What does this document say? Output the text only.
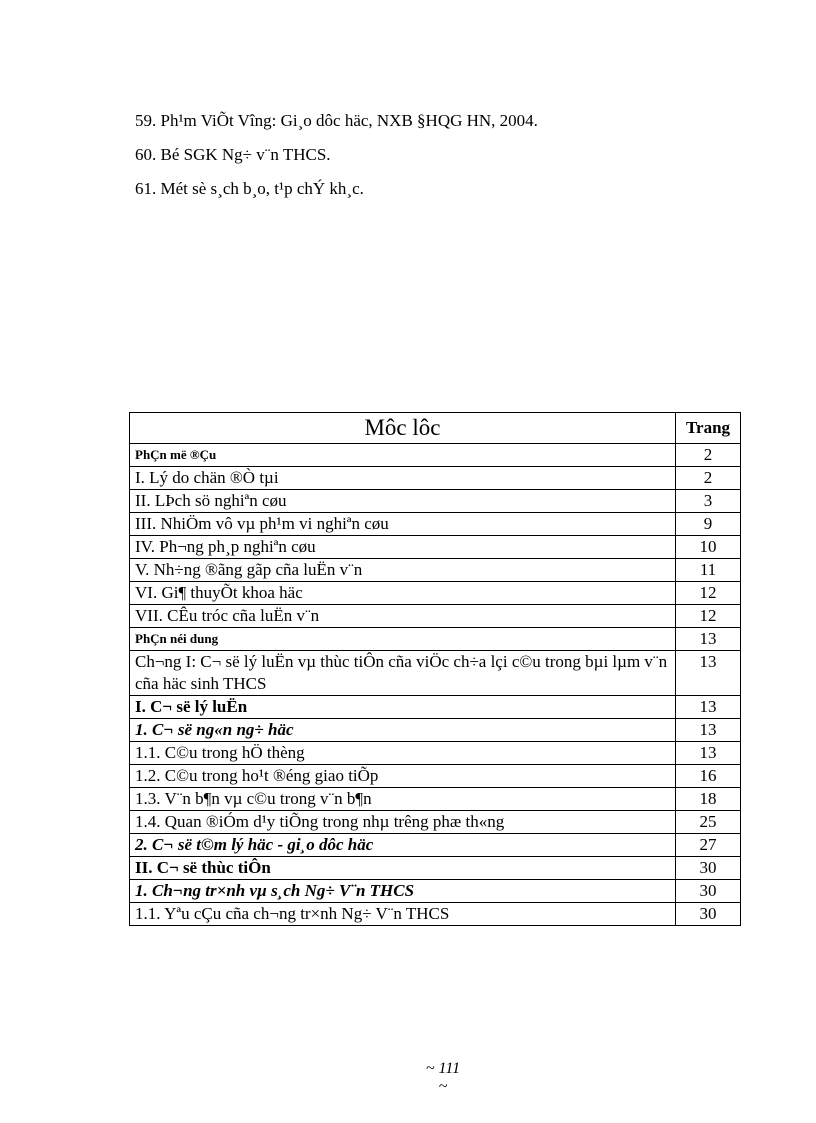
59. Ph¹m ViÕt Vîng: Gi¸o dôc häc, NXB §HQG HN, 2004.
60. Bé SGK Ng÷ v¨n THCS.
61. Mét sè s¸ch b¸o, t¹p chÝ kh¸c.
Môc lôc	Trang
PhÇn më ®Çu	2
I. Lý do chän ®Ò tµi	2
II. LÞch sö nghiªn cøu	3
III. NhiÖm vô vµ ph¹m vi nghiªn cøu	9
IV. Ph¬ng ph¸p nghiªn cøu	10
V. Nh÷ng ®ãng gãp cña luËn v¨n	11
VI. Gi¶ thuyÕt khoa häc	12
VII. CÊu tróc cña luËn v¨n	12
PhÇn néi dung	13
Ch¬ng I: C¬ së lý luËn vµ thùc tiÔn cña viÖc ch÷a lçi c©u trong bµi lµm v¨n cña häc sinh THCS	13
I. C¬ së lý luËn	13
1. C¬ së ng«n ng÷ häc	13
1.1. C©u trong hÖ thèng	13
1.2. C©u trong ho¹t ®éng giao tiÕp	16
1.3. V¨n b¶n vµ c©u trong v¨n b¶n	18
1.4. Quan ®iÓm d¹y tiÕng trong nhµ trêng phæ th«ng	25
2. C¬ së t©m lý häc - gi¸o dôc häc	27
II. C¬ së thùc tiÔn	30
1. Ch¬ng tr×nh vµ s¸ch Ng÷ V¨n THCS	30
1.1. Yªu cÇu cña ch¬ng tr×nh Ng÷ V¨n THCS	30
~ 111
~
